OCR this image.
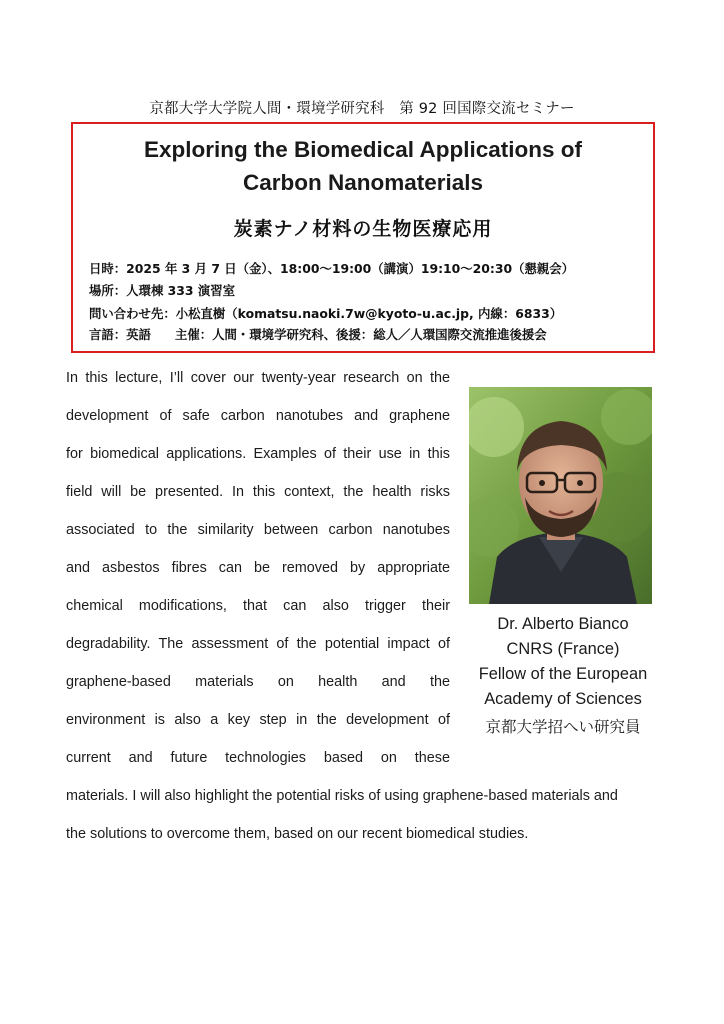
京都大学大学院人間・環境学研究科　第 92 回国際交流セミナー
Exploring the Biomedical Applications of
Carbon Nanomaterials
炭素ナノ材料の生物医療応用
日時：2025 年 3 月 7 日（金）、18:00～19:00（講演）19:10～20:30（懇親会）
場所：人環棟 333 演習室
問い合わせ先：小松直樹（komatsu.naoki.7w@kyoto-u.ac.jp, 内線：6833）
言語：英語 主催：人間・環境学研究科、後援：総人／人環国際交流推進後援会
In this lecture, I’ll cover our twenty-year research on the
development of safe carbon nanotubes and graphene
for biomedical applications. Examples of their use in this
field will be presented. In this context, the health risks
associated to the similarity between carbon nanotubes
and asbestos fibres can be removed by appropriate
chemical modifications, that can also trigger their
degradability. The assessment of the potential impact of
graphene-based materials on health and the
environment is also a key step in the development of
current and future technologies based on these
materials. I will also highlight the potential risks of using graphene-based materials and
the solutions to overcome them, based on our recent biomedical studies.
Dr. Alberto Bianco
CNRS (France)
Fellow of the European
Academy of Sciences
京都大学招へい研究員
